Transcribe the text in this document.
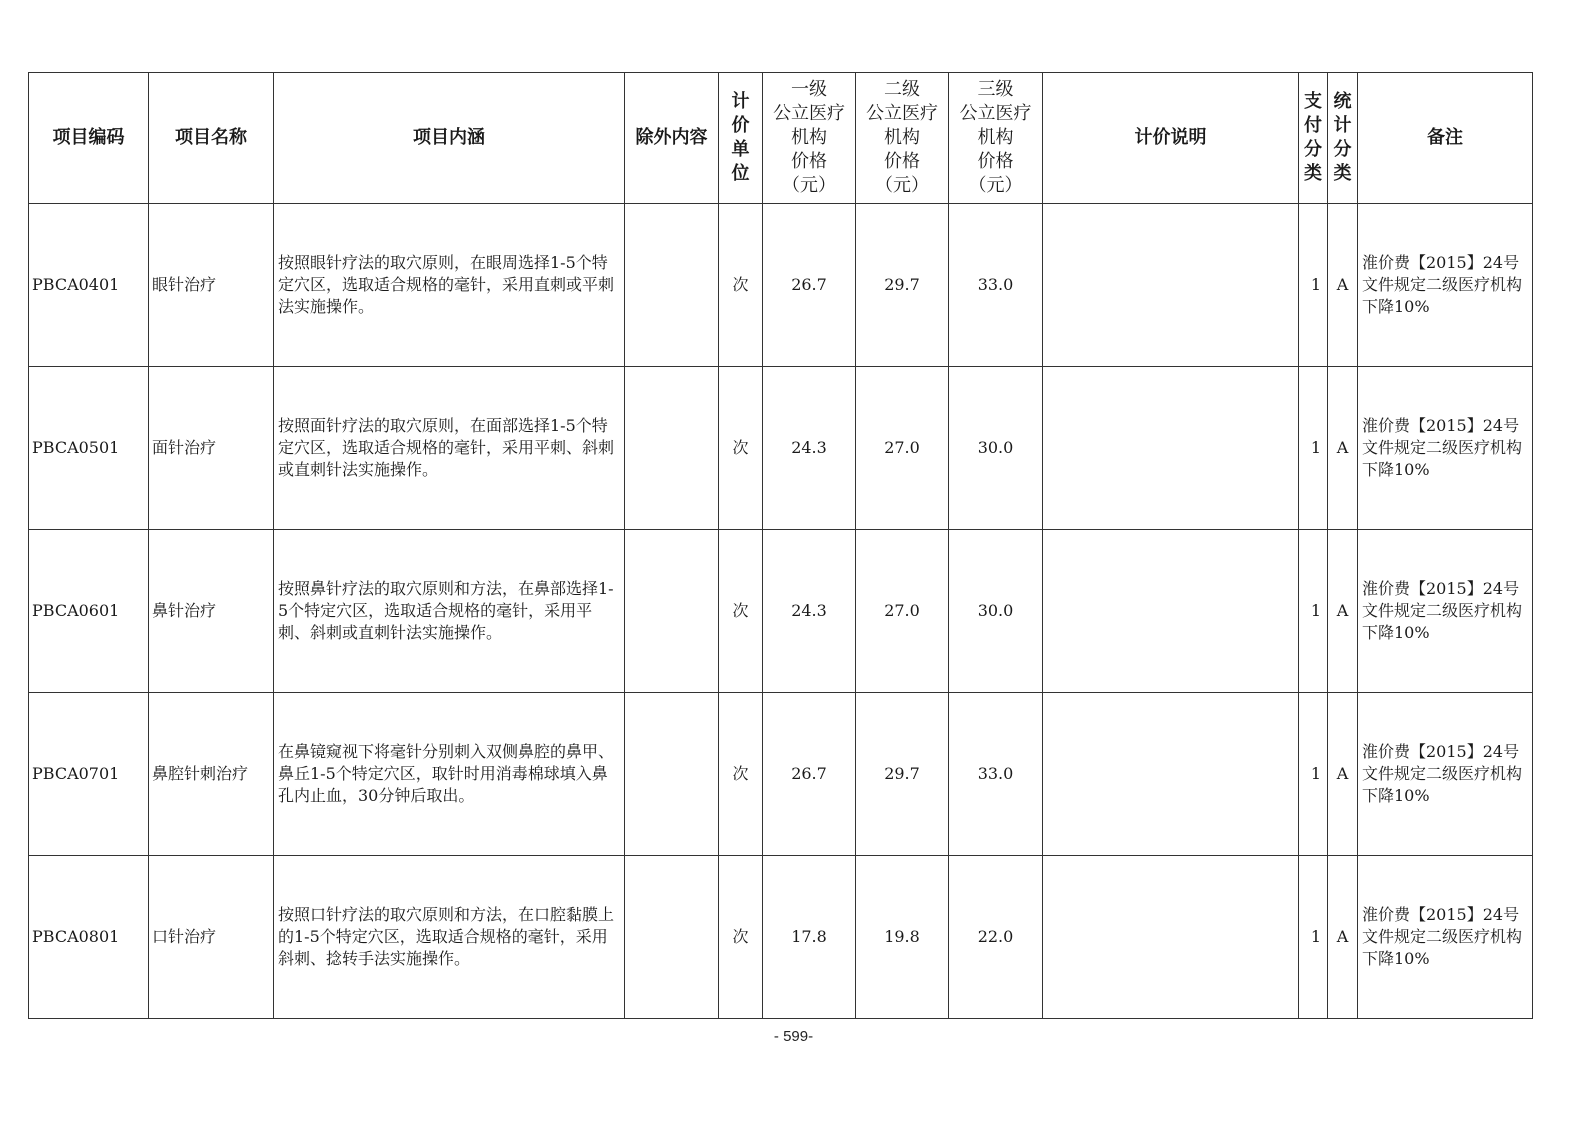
项目编码	项目名称	项目内涵	除外内容	计
价
单
位	一级
公立医疗
机构
价格
（元）	二级
公立医疗
机构
价格
（元）	三级
公立医疗
机构
价格
（元）	计价说明	支
付
分
类	统
计
分
类	备注
PBCA0401	眼针治疗	按照眼针疗法的取穴原则，在眼周选择1-5个特定穴区，选取适合规格的毫针，采用直刺或平刺法实施操作。		次	26.7	29.7	33.0		1	A	淮价费【2015】24号文件规定二级医疗机构下降10%
PBCA0501	面针治疗	按照面针疗法的取穴原则，在面部选择1-5个特定穴区，选取适合规格的毫针，采用平刺、斜刺或直刺针法实施操作。		次	24.3	27.0	30.0		1	A	淮价费【2015】24号文件规定二级医疗机构下降10%
PBCA0601	鼻针治疗	按照鼻针疗法的取穴原则和方法，在鼻部选择1-5个特定穴区，选取适合规格的毫针，采用平刺、斜刺或直刺针法实施操作。		次	24.3	27.0	30.0		1	A	淮价费【2015】24号文件规定二级医疗机构下降10%
PBCA0701	鼻腔针刺治疗	在鼻镜窥视下将毫针分别刺入双侧鼻腔的鼻甲、鼻丘1-5个特定穴区，取针时用消毒棉球填入鼻孔内止血，30分钟后取出。		次	26.7	29.7	33.0		1	A	淮价费【2015】24号文件规定二级医疗机构下降10%
PBCA0801	口针治疗	按照口针疗法的取穴原则和方法，在口腔黏膜上的1-5个特定穴区，选取适合规格的毫针，采用斜刺、捻转手法实施操作。		次	17.8	19.8	22.0		1	A	淮价费【2015】24号文件规定二级医疗机构下降10%
- 599-
